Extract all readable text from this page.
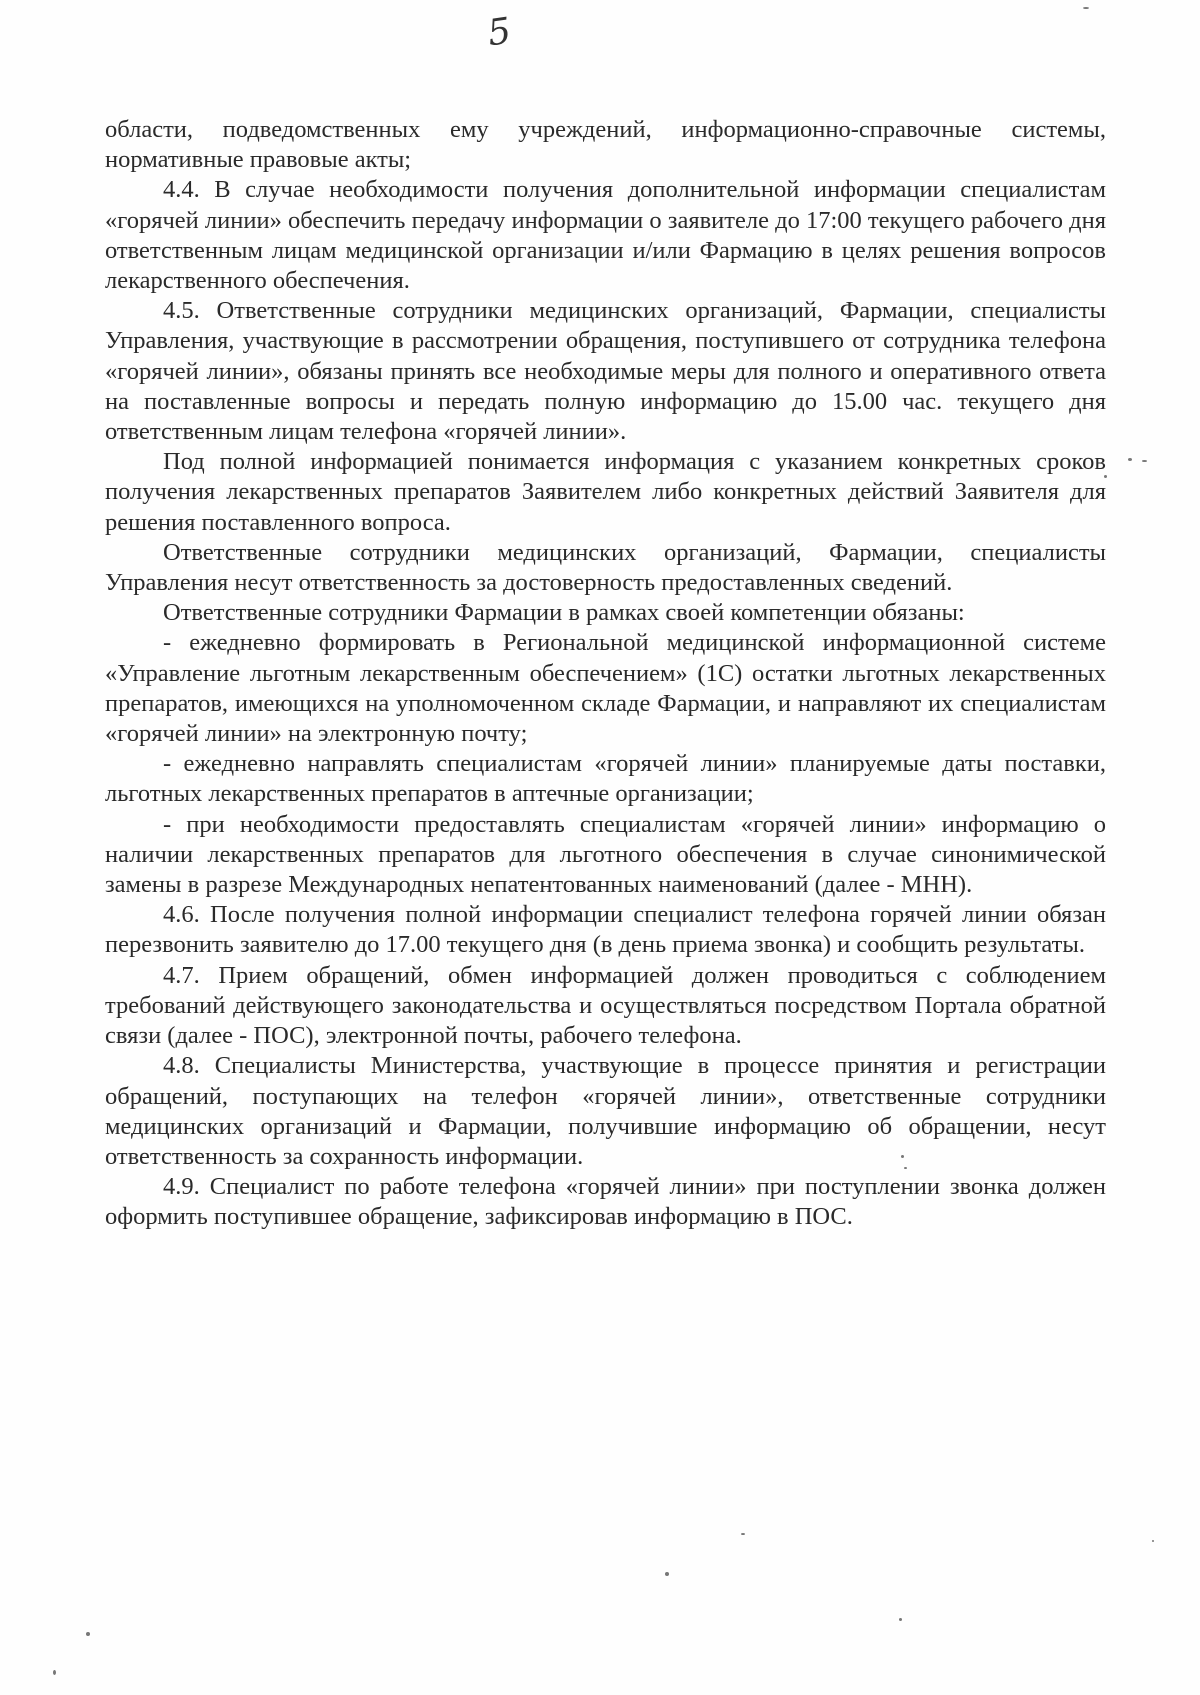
5

области, подведомственных ему учреждений, информационно-справочные системы, нормативные правовые акты;

4.4. В случае необходимости получения дополнительной информации специалистам «горячей линии» обеспечить передачу информации о заявителе до 17:00 текущего рабочего дня ответственным лицам медицинской организации и/или Фармацию в целях решения вопросов лекарственного обеспечения.

4.5. Ответственные сотрудники медицинских организаций, Фармации, специалисты Управления, участвующие в рассмотрении обращения, поступившего от сотрудника телефона «горячей линии», обязаны принять все необходимые меры для полного и оперативного ответа на поставленные вопросы и передать полную информацию до 15.00 час. текущего дня ответственным лицам телефона «горячей линии».

Под полной информацией понимается информация с указанием конкретных сроков получения лекарственных препаратов Заявителем либо конкретных действий Заявителя для решения поставленного вопроса.

Ответственные сотрудники медицинских организаций, Фармации, специалисты Управления несут ответственность за достоверность предоставленных сведений.

Ответственные сотрудники Фармации в рамках своей компетенции обязаны:

- ежедневно формировать в Региональной медицинской информационной системе «Управление льготным лекарственным обеспечением» (1С) остатки льготных лекарственных препаратов, имеющихся на уполномоченном складе Фармации, и направляют их специалистам «горячей линии» на электронную почту;

- ежедневно направлять специалистам «горячей линии» планируемые даты поставки, льготных лекарственных препаратов в аптечные организации;

- при необходимости предоставлять специалистам «горячей линии» информацию о наличии лекарственных препаратов для льготного обеспечения в случае синонимической замены в разрезе Международных непатентованных наименований (далее - МНН).

4.6. После получения полной информации специалист телефона горячей линии обязан перезвонить заявителю до 17.00 текущего дня (в день приема звонка) и сообщить результаты.

4.7. Прием обращений, обмен информацией должен проводиться с соблюдением требований действующего законодательства и осуществляться посредством Портала обратной связи (далее - ПОС), электронной почты, рабочего телефона.

4.8. Специалисты Министерства, участвующие в процессе принятия и регистрации обращений, поступающих на телефон «горячей линии», ответственные сотрудники медицинских организаций и Фармации, получившие информацию об обращении, несут ответственность за сохранность информации.

4.9. Специалист по работе телефона «горячей линии» при поступлении звонка должен оформить поступившее обращение, зафиксировав информацию в ПОС.
